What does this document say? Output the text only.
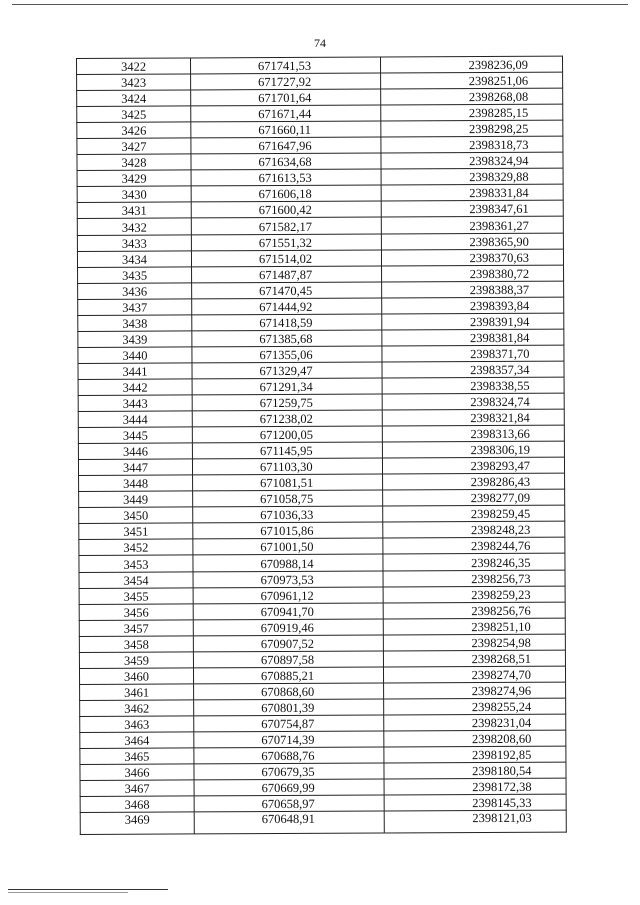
74
3422	671741,53	2398236,09
3423	671727,92	2398251,06
3424	671701,64	2398268,08
3425	671671,44	2398285,15
3426	671660,11	2398298,25
3427	671647,96	2398318,73
3428	671634,68	2398324,94
3429	671613,53	2398329,88
3430	671606,18	2398331,84
3431	671600,42	2398347,61
3432	671582,17	2398361,27
3433	671551,32	2398365,90
3434	671514,02	2398370,63
3435	671487,87	2398380,72
3436	671470,45	2398388,37
3437	671444,92	2398393,84
3438	671418,59	2398391,94
3439	671385,68	2398381,84
3440	671355,06	2398371,70
3441	671329,47	2398357,34
3442	671291,34	2398338,55
3443	671259,75	2398324,74
3444	671238,02	2398321,84
3445	671200,05	2398313,66
3446	671145,95	2398306,19
3447	671103,30	2398293,47
3448	671081,51	2398286,43
3449	671058,75	2398277,09
3450	671036,33	2398259,45
3451	671015,86	2398248,23
3452	671001,50	2398244,76
3453	670988,14	2398246,35
3454	670973,53	2398256,73
3455	670961,12	2398259,23
3456	670941,70	2398256,76
3457	670919,46	2398251,10
3458	670907,52	2398254,98
3459	670897,58	2398268,51
3460	670885,21	2398274,70
3461	670868,60	2398274,96
3462	670801,39	2398255,24
3463	670754,87	2398231,04
3464	670714,39	2398208,60
3465	670688,76	2398192,85
3466	670679,35	2398180,54
3467	670669,99	2398172,38
3468	670658,97	2398145,33
3469	670648,91	2398121,03
